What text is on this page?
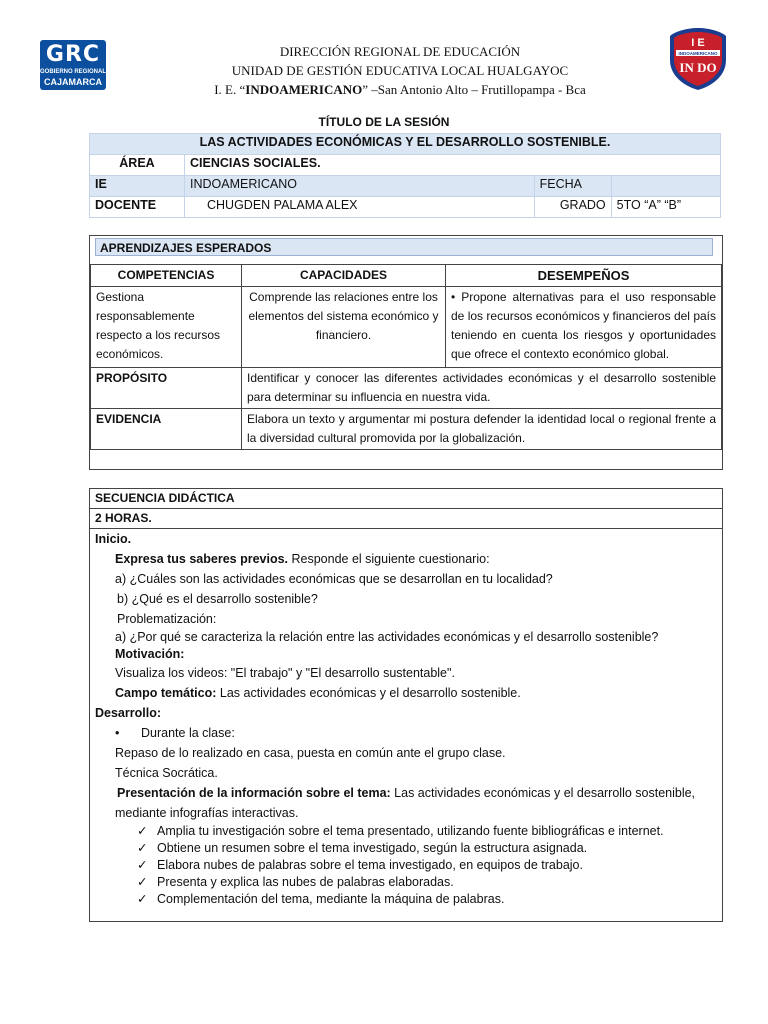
GRC
GOBIERNO REGIONAL
CAJAMARCA
DIRECCIÓN REGIONAL DE EDUCACIÓN
UNIDAD DE GESTIÓN EDUCATIVA LOCAL HUALGAYOC
I. E. “INDOAMERICANO” –San Antonio Alto – Frutillopampa - Bca
I E
INDOAMERICANO
IN DO
TÍTULO DE LA SESIÓN
LAS ACTIVIDADES ECONÓMICAS Y EL DESARROLLO SOSTENIBLE.			
ÁREA	CIENCIAS SOCIALES.		
IE	INDOAMERICANO	FECHA	
DOCENTE	CHUGDEN PALAMA ALEX	GRADO	5TO “A” “B”
APRENDIZAJES ESPERADOS
COMPETENCIAS	CAPACIDADES	DESEMPEÑOS
Gestiona responsablemente respecto a los recursos económicos.	Comprende las relaciones entre los elementos del sistema económico y financiero.	• Propone alternativas para el uso responsable de los recursos económicos y financieros del país teniendo en cuenta los riesgos y oportunidades que ofrece el contexto económico global.
PROPÓSITO	Identificar y conocer las diferentes actividades económicas y el desarrollo sostenible para determinar su influencia en nuestra vida.	
EVIDENCIA	Elabora un texto y argumentar mi postura defender la identidad local o regional frente a la diversidad cultural promovida por la globalización.	
SECUENCIA DIDÁCTICA
2 HORAS.
Inicio.
Expresa tus saberes previos. Responde el siguiente cuestionario:
a) ¿Cuáles son las actividades económicas que se desarrollan en tu localidad?
b) ¿Qué es el desarrollo sostenible?
Problematización:
a) ¿Por qué se caracteriza la relación entre las actividades económicas y el desarrollo sostenible?
Motivación:
Visualiza los videos: "El trabajo" y "El desarrollo sustentable".
Campo temático: Las actividades económicas y el desarrollo sostenible.
Desarrollo:
• Durante la clase:
Repaso de lo realizado en casa, puesta en común ante el grupo clase.
Técnica Socrática.
Presentación de la información sobre el tema: Las actividades económicas y el desarrollo sostenible,
mediante infografías interactivas.
✓ Amplia tu investigación sobre el tema presentado, utilizando fuente bibliográficas e internet.
✓ Obtiene un resumen sobre el tema investigado, según la estructura asignada.
✓ Elabora nubes de palabras sobre el tema investigado, en equipos de trabajo.
✓ Presenta y explica las nubes de palabras elaboradas.
✓ Complementación del tema, mediante la máquina de palabras.
